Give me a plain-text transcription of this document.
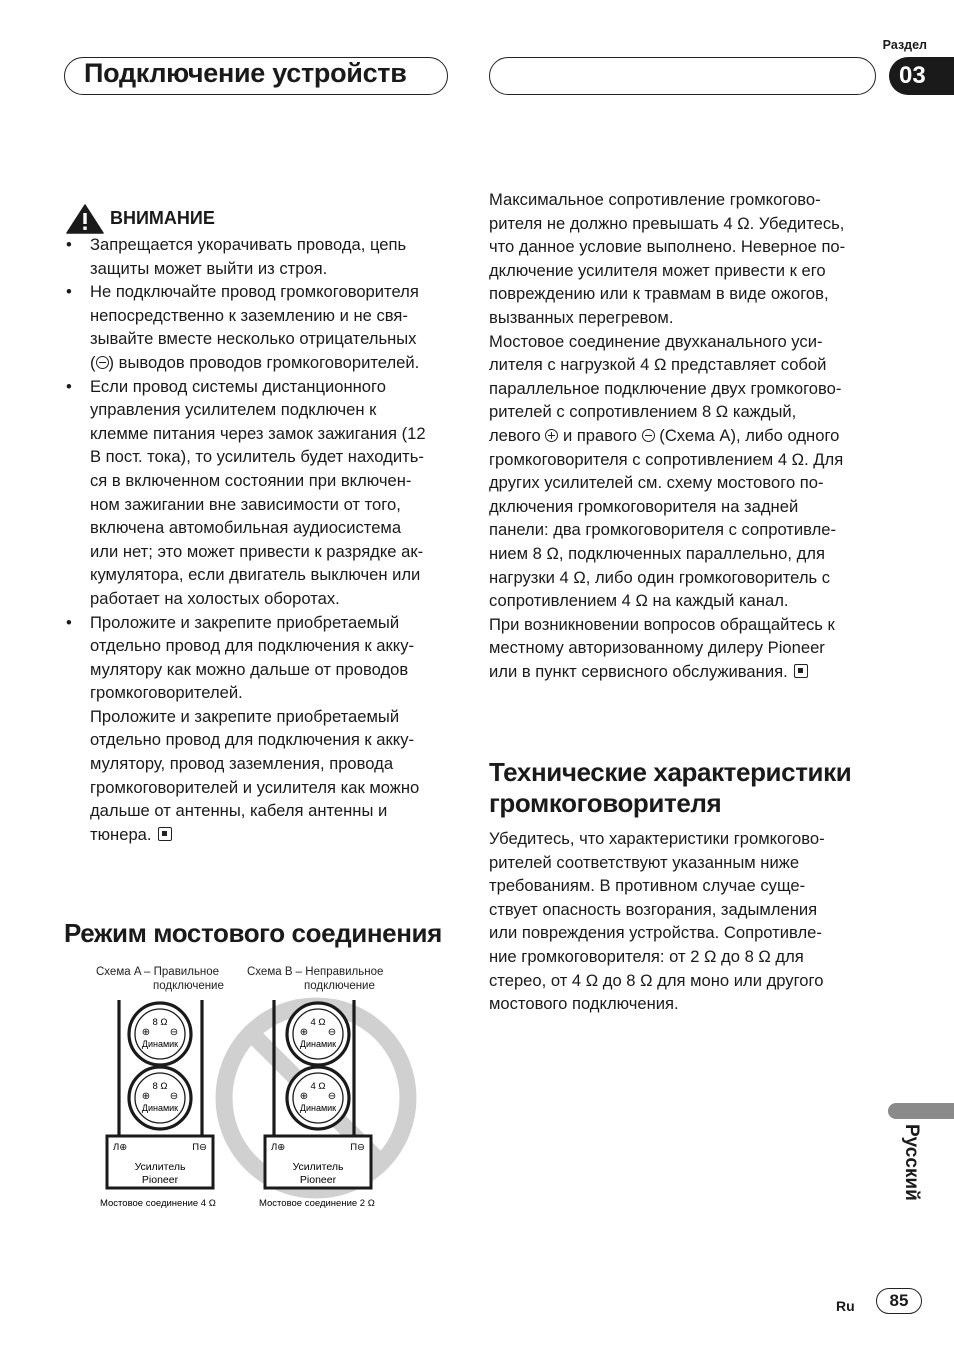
Подключение устройств
Раздел
03
ВНИМАНИЕ
• Запрещается укорачивать провода, цепь
защиты может выйти из строя.
• Не подключайте провод громкоговорителя
непосредственно к заземлению и не свя-
зывайте вместе несколько отрицательных
( ) выводов проводов громкоговорителей.
• Если провод системы дистанционного
управления усилителем подключен к
клемме питания через замок зажигания (12
В пост. тока), то усилитель будет находить-
ся в включенном состоянии при включен-
ном зажигании вне зависимости от того,
включена автомобильная аудиосистема
или нет; это может привести к разрядке ак-
кумулятора, если двигатель выключен или
работает на холостых оборотах.
• Проложите и закрепите приобретаемый
отдельно провод для подключения к акку-
мулятору как можно дальше от проводов
громкоговорителей.
Проложите и закрепите приобретаемый
отдельно провод для подключения к акку-
мулятору, провод заземления, провода
громкоговорителей и усилителя как можно
дальше от антенны, кабеля антенны и
тюнера.
Режим мостового соединения
Схема A – Правильное
подключение
Схема B – Неправильное
подключение
8 Ω
⊕ ⊖
Динамик
8 Ω
⊕ ⊖
Динамик
Л⊕	П⊖
Усилитель
Pioneer
Мостовое соединение 4 Ω
4 Ω
⊕ ⊖
Динамик
4 Ω
⊕ ⊖
Динамик
Л⊕	П⊖
Усилитель
Pioneer
Мостовое соединение 2 Ω

Максимальное сопротивление громкогово-
рителя не должно превышать 4 Ω. Убедитесь,
что данное условие выполнено. Неверное по-
дключение усилителя может привести к его
повреждению или к травмам в виде ожогов,
вызванных перегревом.

Мостовое соединение двухканального уси-
лителя с нагрузкой 4 Ω представляет собой
параллельное подключение двух громкогово-
рителей с сопротивлением 8 Ω каждый,
левого и правого (Схема A), либо одного
громкоговорителя с сопротивлением 4 Ω. Для
других усилителей см. схему мостового по-
дключения громкоговорителя на задней
панели: два громкоговорителя с сопротивле-
нием 8 Ω, подключенных параллельно, для
нагрузки 4 Ω, либо один громкоговоритель с
сопротивлением 4 Ω на каждый канал.

При возникновении вопросов обращайтесь к
местному авторизованному дилеру Pioneer
или в пункт сервисного обслуживания.

Технические характеристики
громкоговорителя
Убедитесь, что характеристики громкогово-
рителей соответствуют указанным ниже
требованиям. В противном случае суще-
ствует опасность возгорания, задымления
или повреждения устройства. Сопротивле-
ние громкоговорителя: от 2 Ω до 8 Ω для
стерео, от 4 Ω до 8 Ω для моно или другого
мостового подключения.
Русский
Ru 85
